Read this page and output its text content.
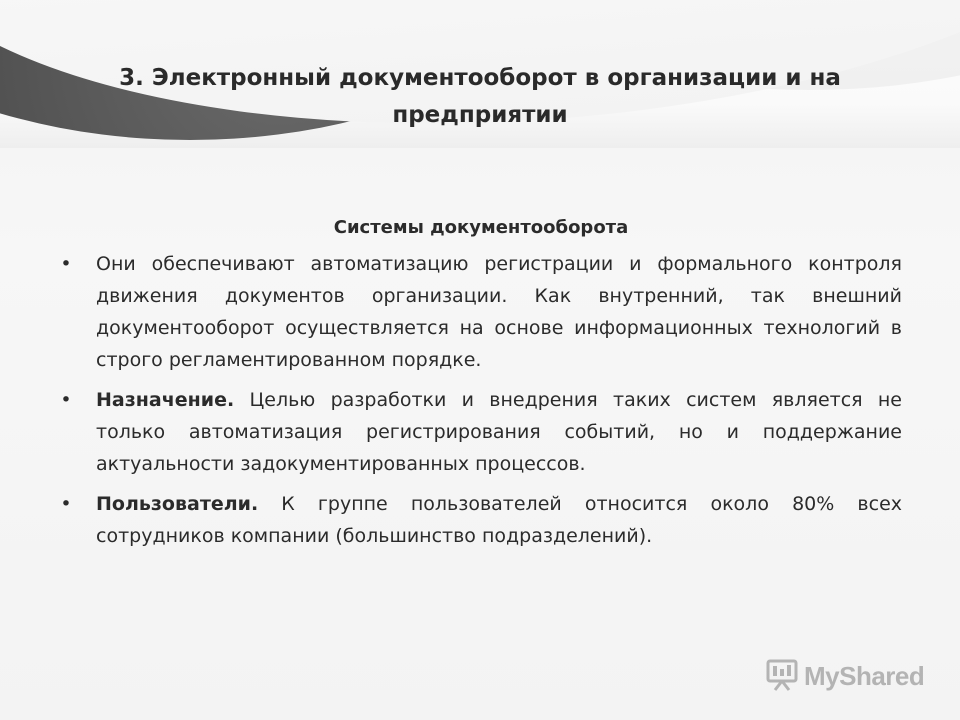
3. Электронный документооборот в организации и на предприятии

Системы документооборота

• Они обеспечивают автоматизацию регистрации и формального контроля движения документов организации. Как внутренний, так внешний документооборот осуществляется на основе информационных технологий в строго регламентированном порядке.
• Назначение. Целью разработки и внедрения таких систем является не только автоматизация регистрирования событий, но и поддержание актуальности задокументированных процессов.
• Пользователи. К группе пользователей относится около 80% всех сотрудников компании (большинство подразделений).
MyShared
